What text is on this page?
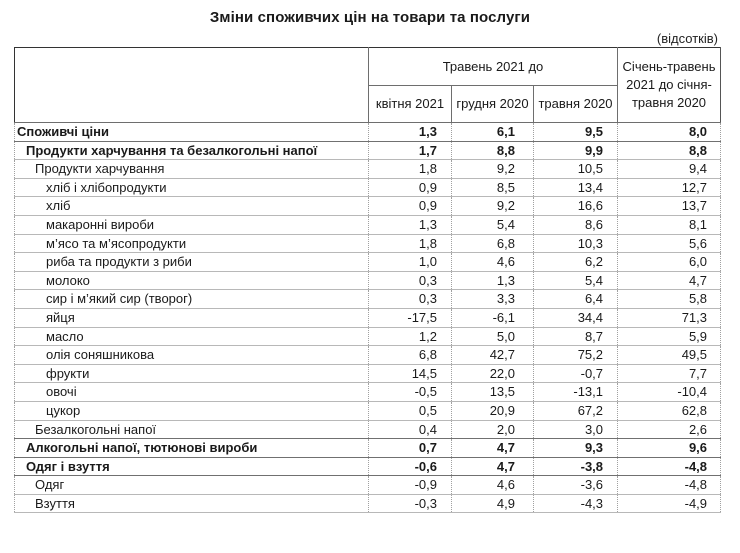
Зміни споживчих цін на товари та послуги
(відсотків)
	Травень 2021 до			Січень-травень 2021 до січня-травня 2020
	квітня 2021	грудня 2020	травня 2020	
Споживчі ціни	1,3	6,1	9,5	8,0
Продукти харчування та безалкогольні напої	1,7	8,8	9,9	8,8
Продукти харчування	1,8	9,2	10,5	9,4
хліб і хлібопродукти	0,9	8,5	13,4	12,7
хліб	0,9	9,2	16,6	13,7
макаронні вироби	1,3	5,4	8,6	8,1
м’ясо та м’ясопродукти	1,8	6,8	10,3	5,6
риба та продукти з риби	1,0	4,6	6,2	6,0
молоко	0,3	1,3	5,4	4,7
сир і м’який сир (творог)	0,3	3,3	6,4	5,8
яйця	-17,5	-6,1	34,4	71,3
масло	1,2	5,0	8,7	5,9
олія соняшникова	6,8	42,7	75,2	49,5
фрукти	14,5	22,0	-0,7	7,7
овочі	-0,5	13,5	-13,1	-10,4
цукор	0,5	20,9	67,2	62,8
Безалкогольні напої	0,4	2,0	3,0	2,6
Алкогольні напої, тютюнові вироби	0,7	4,7	9,3	9,6
Одяг і взуття	-0,6	4,7	-3,8	-4,8
Одяг	-0,9	4,6	-3,6	-4,8
Взуття	-0,3	4,9	-4,3	-4,9
